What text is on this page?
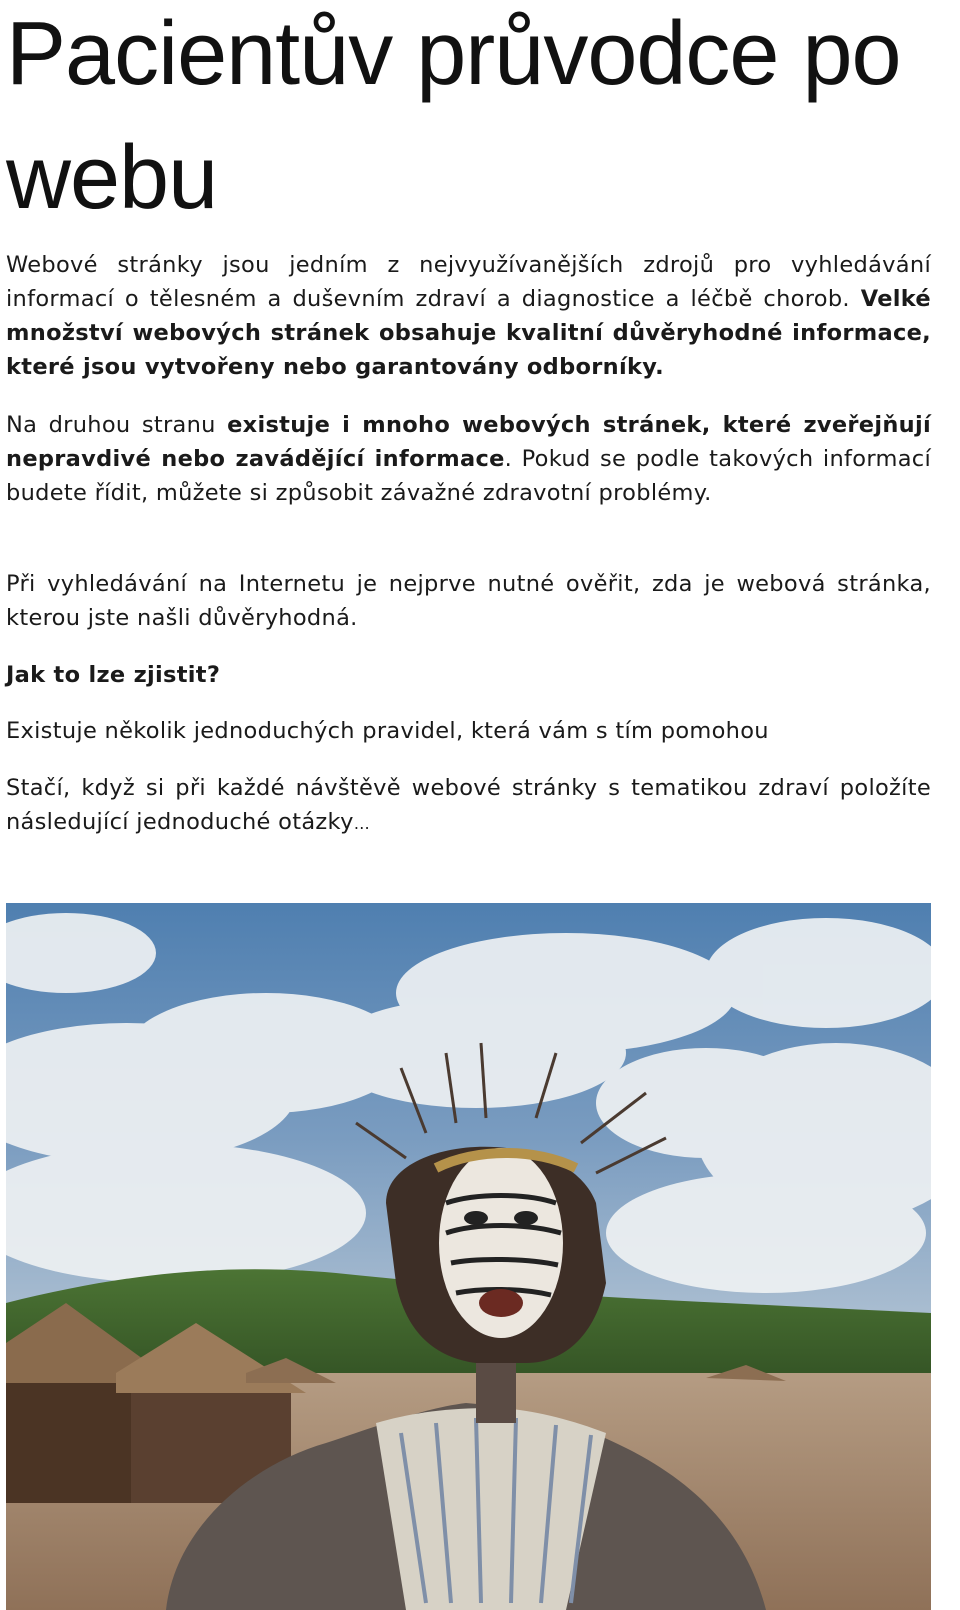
Pacientův průvodce po webu

Webové stránky jsou jedním z nejvyužívanějších zdrojů pro vyhledávání informací o tělesném a duševním zdraví a diagnostice a léčbě chorob. Velké množství webových stránek obsahuje kvalitní důvěryhodné informace, které jsou vytvořeny nebo garantovány odborníky.

Na druhou stranu existuje i mnoho webových stránek, které zveřejňují nepravdivé nebo zavádějící informace. Pokud se podle takových informací budete řídit, můžete si způsobit závažné zdravotní problémy.

Při vyhledávání na Internetu je nejprve nutné ověřit, zda je webová stránka, kterou jste našli důvěryhodná.

Jak to lze zjistit?

Existuje několik jednoduchých pravidel, která vám s tím pomohou

Stačí, když si při každé návštěvě webové stránky s tematikou zdraví položíte následující jednoduché otázky…
